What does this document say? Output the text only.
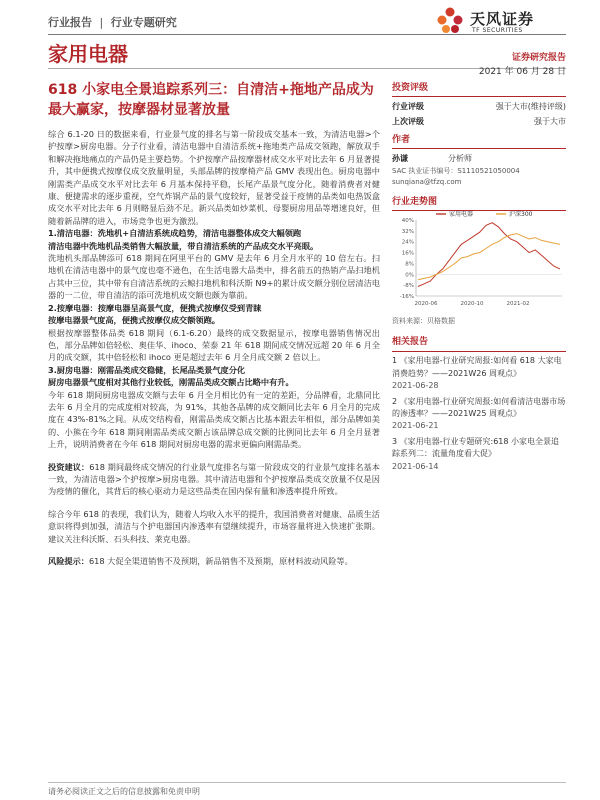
行业报告 | 行业专题研究	天风证券
TF SECURITIES
家用电器	证券研究报告
2021 年 06 月 28 日
618 小家电全景追踪系列三：自清洁+拖地产品成为最大赢家，按摩器材显著放量

综合 6.1-20 日的数据来看，行业景气度的排名与第一阶段成交基本一致，为清洁电器>个护按摩>厨房电器。分子行业看，清洁电器中自清洁系统+拖地类产品成交领跑，解放双手和解决拖地痛点的产品仍是主要趋势。个护按摩产品按摩器材成交水平对比去年 6 月显著提升，其中便携式按摩仪成交放量明显，头部品牌的按摩椅产品 GMV 表现出色。厨房电器中刚需类产品成交水平对比去年 6 月基本保持平稳，长尾产品景气度分化，随着消费者对健康、便捷需求的逐步重视，空气炸锅产品的景气度较好，显著受益于疫情的品类如电热饭盒成交水平对比去年 6 月则略显后劲不足。新兴品类如炒菜机、母婴厨房用品等增速良好，但随着新品牌的进入，市场竞争也更为激烈。

1.清洁电器：洗地机+自清洁系统成趋势，清洁电器整体成交大幅领跑

清洁电器中洗地机品类销售大幅放量，带自清洁系统的产品成交水平亮眼。

洗地机头部品牌添可 618 期间在阿里平台的 GMV 是去年 6 月全月水平的 10 倍左右。扫地机在清洁电器中的景气度也毫不逊色，在生活电器大品类中，排名前五的热销产品扫地机占其中三位，其中带有自清洁系统的云鲸扫地机和科沃斯 N9+的累计成交额分别位居清洁电器的一二位，带自清洁的添可洗地机成交额也颇为靠前。

2.按摩电器：按摩电器呈高景气度，便携式按摩仪受到青睐

按摩电器景气度高，便携式按摩仪成交额领跑。

根据按摩器整体品类 618 期间（6.1-6.20）最终的成交数据显示，按摩电器销售情况出色，部分品牌如倍轻松、奥佳华、ihoco、荣泰 21 年 618 期间成交情况远超 20 年 6 月全月的成交额，其中倍轻松和 ihoco 更是超过去年 6 月全月成交额 2 倍以上。

3.厨房电器：刚需品类成交稳健，长尾品类景气度分化

厨房电器景气度相对其他行业较低，刚需品类成交额占比略中有升。

今年 618 期间厨房电器成交额与去年 6 月全月相比仍有一定的差距，分品牌看，北鼎同比去年 6 月全月的完成度相对较高，为 91%，其他各品牌的成交额同比去年 6 月全月的完成度在 43%-81%之间。从成交结构看，刚需品类成交额占比基本跟去年相似，部分品牌如美的、小熊在今年 618 期间刚需品类成交额占该品牌总成交额的比例同比去年 6 月全月显著上升，说明消费者在今年 618 期间对厨房电器的需求更偏向刚需品类。

投资建议：618 期间最终成交情况的行业景气度排名与第一阶段成交的行业景气度排名基本一致，为清洁电器>个护按摩>厨房电器。其中清洁电器和个护按摩品类成交放量不仅是因为疫情的催化，其背后的核心驱动力是这些品类在国内保有量和渗透率提升所致。

综合今年 618 的表现，我们认为，随着人均收入水平的提升，我国消费者对健康、品质生活意识将得到加强，清洁与个护电器国内渗透率有望继续提升，市场容量将进入快速扩张期。建议关注科沃斯、石头科技、莱克电器。

风险提示：618 大促全渠道销售不及预期，新品销售不及预期，原材料波动风险等。

投资评级
行业评级	强于大市(维持评级)
上次评级	强于大市
作者
孙谦	分析师
SAC 执业证书编号：S1110521050004
sunqiana@tfzq.com
行业走势图
40%
32%
24%
16%
8%
0%
-8%
-16%
2020-06	2020-10	2021-02
家用电器	沪深300
资料来源：贝格数据
相关报告
1 《家用电器-行业研究周报:如何看 618 大家电消费趋势？——2021W26 周观点》
2021-06-28
2 《家用电器-行业研究周报:如何看清洁电器市场的渗透率？——2021W25 周观点》
2021-06-21
3 《家用电器-行业专题研究:618 小家电全景追踪系列二：流量角度看大促》
2021-06-14
请务必阅读正文之后的信息披露和免责申明
